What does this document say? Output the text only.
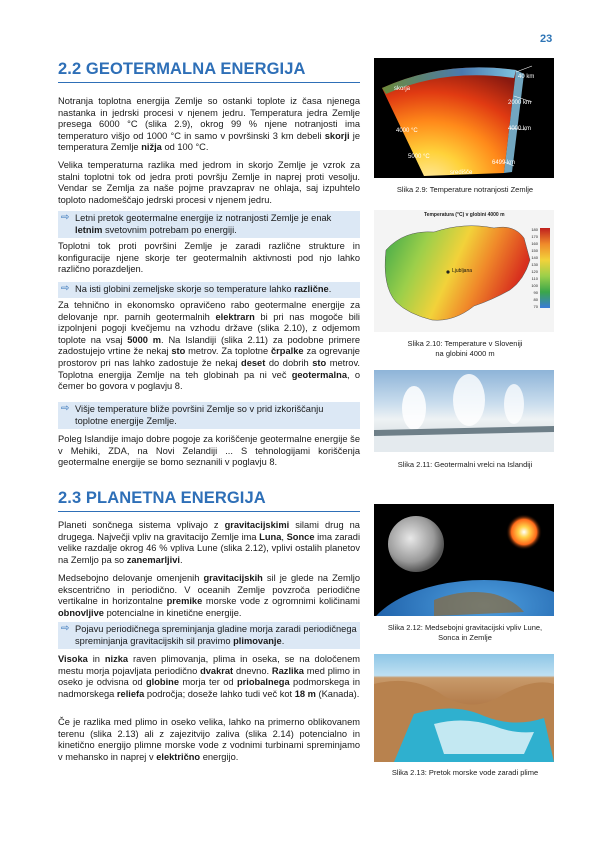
23
2.2 GEOTERMALNA ENERGIJA

Notranja toplotna energija Zemlje so ostanki toplote iz časa njenega nastanka in jedrski procesi v njenem jedru. Temperatura jedra Zemlje presega 6000 °C (slika 2.9), okrog 99 % njene notranjosti ima temperaturo višjo od 1000 °C in samo v površinski 3 km debeli skorji je temperatura Zemlje nižja od 100 °C.

Velika temperaturna razlika med jedrom in skorjo Zemlje je vzrok za stalni toplotni tok od jedra proti površju Zemlje in naprej proti vesolju. Vendar se Zemlja za naše pojme pravzaprav ne ohlaja, saj izpuhtelo toploto nadomeščajo jedrski procesi v njenem jedru.

⇨ Letni pretok geotermalne energije iz notranjosti Zemlje je enak letnim svetovnim potrebam po energiji.

Toplotni tok proti površini Zemlje je zaradi različne strukture in konfiguracije njene skorje ter geotermalnih aktivnosti pod njo lahko različno porazdeljen.

⇨ Na isti globini zemeljske skorje so temperature lahko različne.

Za tehnično in ekonomsko opravičeno rabo geotermalne energije za delovanje npr. parnih geotermalnih elektrarn bi pri nas mogoče bili izpolnjeni pogoji kvečjemu na vzhodu države (slika 2.10), z odjemom toplote na vsaj 5000 m. Na Islandiji (slika 2.11) za podobne primere zadostujejo vrtine že nekaj sto metrov. Za toplotne črpalke za ogrevanje prostorov pri nas lahko zadostuje že nekaj deset do dobrih sto metrov. Toplotna energija Zemlje na teh globinah pa ni več geotermalna, o čemer bo govora v poglavju 8.

⇨ Višje temperature bliže površini Zemlje so v prid izkoriščanju toplotne energije Zemlje.

Poleg Islandije imajo dobre pogoje za koriščenje geotermalne energije še v Mehiki, ZDA, na Novi Zelandiji ... S tehnologijami koriščenja geotermalne energije se bomo seznanili v poglavju 8.

2.3 PLANETNA ENERGIJA

Planeti sončnega sistema vplivajo z gravitacijskimi silami drug na drugega. Največji vpliv na gravitacijo Zemlje ima Luna, Sonce ima zaradi velike razdalje okrog 46 % vpliva Lune (slika 2.12), vplivi ostalih planetov na Zemljo pa so zanemarljivi.

Medsebojno delovanje omenjenih gravitacijskih sil je glede na Zemljo ekscentrično in periodično. V oceanih Zemlje povzroča periodične vertikalne in horizontalne premike morske vode z ogromnimi količinami obnovljive potencialne in kinetične energije.

⇨ Pojavu periodičnega spreminjanja gladine morja zaradi periodičnega spreminjanja gravitacijskih sil pravimo plimovanje.

Visoka in nizka raven plimovanja, plima in oseka, se na določenem mestu morja pojavljata periodično dvakrat dnevno. Razlika med plimo in oseko je odvisna od globine morja ter od priobalnega podmorskega in nadmorskega reliefa področja; doseže lahko tudi več kot 18 m (Kanada).

Če je razlika med plimo in oseko velika, lahko na primerno oblikovanem terenu (slika 2.13) ali z zajezitvijo zaliva (slika 2.14) potencialno in kinetično energijo plimne morske vode z vodnimi turbinami spreminjamo v mehansko in naprej v električno energijo.

skorja
4000 °C
5000 °C
središče
40 km
2000 km
4000 km
6499 km
Slika 2.9: Temperature notranjosti Zemlje
Temperatura (°C) v globini 4000 m
Ljubljana
180
170
160
150
140
130
120
110
100
90
80
70
Slika 2.10: Temperature v Sloveniji
na globini 4000 m
Slika 2.11: Geotermalni vrelci na Islandiji
Slika 2.12: Medsebojni gravitacijski vpliv Lune,
Sonca in Zemlje
Slika 2.13: Pretok morske vode zaradi plime
